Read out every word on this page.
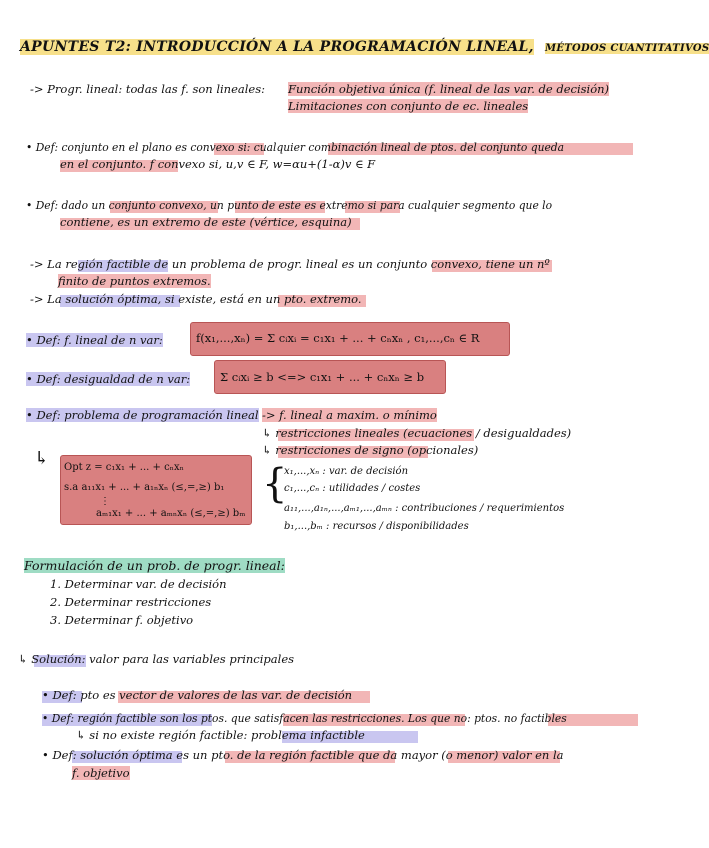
APUNTES T2: INTRODUCCIÓN A LA PROGRAMACIÓN LINEAL, MÉTODOS CUANTITATIVOS
-> Progr. lineal: todas las f. son lineales: Función objetiva única (f. lineal de las var. de decisión)
Limitaciones con conjunto de ec. lineales
• Def: conjunto en el plano es convexo si: cualquier combinación lineal de ptos. del conjunto queda
en el conjunto. f convexo si, u,v ∈ F, w=αu+(1-α)v ∈ F
• Def: dado un conjunto convexo, un punto de este es extremo si para cualquier segmento que lo
contiene, es un extremo de este (vértice, esquina)
-> La región factible de un problema de progr. lineal es un conjunto convexo, tiene un nº
finito de puntos extremos.
-> La solución óptima, si existe, está en un pto. extremo.
• Def: f. lineal de n var:	f(x₁,...,xₙ) = Σ cᵢxᵢ = c₁x₁ + ... + cₙxₙ , c₁,...,cₙ ∈ R
• Def: desigualdad de n var:	Σ cᵢxᵢ ≥ b <=> c₁x₁ + ... + cₙxₙ ≥ b
• Def: problema de programación lineal -> f. lineal a maxim. o mínimo
↳ restricciones lineales (ecuaciones / desigualdades)
↳ restricciones de signo (opcionales)
↳ Opt z = c₁x₁ + ... + cₙxₙ
s.a a₁₁x₁ + ... + a₁ₙxₙ (≤,=,≥) b₁
⋮
aₘ₁x₁ + ... + aₘₙxₙ (≤,=,≥) bₘ
{
x₁,...,xₙ : var. de decisión
c₁,...,cₙ : utilidades / costes
a₁₁,...,a₁ₙ,...,aₘ₁,...,aₘₙ : contribuciones / requerimientos
b₁,...,bₘ : recursos / disponibilidades
Formulación de un prob. de progr. lineal:
1. Determinar var. de decisión
2. Determinar restricciones
3. Determinar f. objetivo
↳ Solución: valor para las variables principales
• Def: pto es vector de valores de las var. de decisión
• Def: región factible son los ptos. que satisfacen las restricciones. Los que no: ptos. no factibles
↳ si no existe región factible: problema infactible
• Def: solución óptima es un pto. de la región factible que da mayor (o menor) valor en la
f. objetivo
